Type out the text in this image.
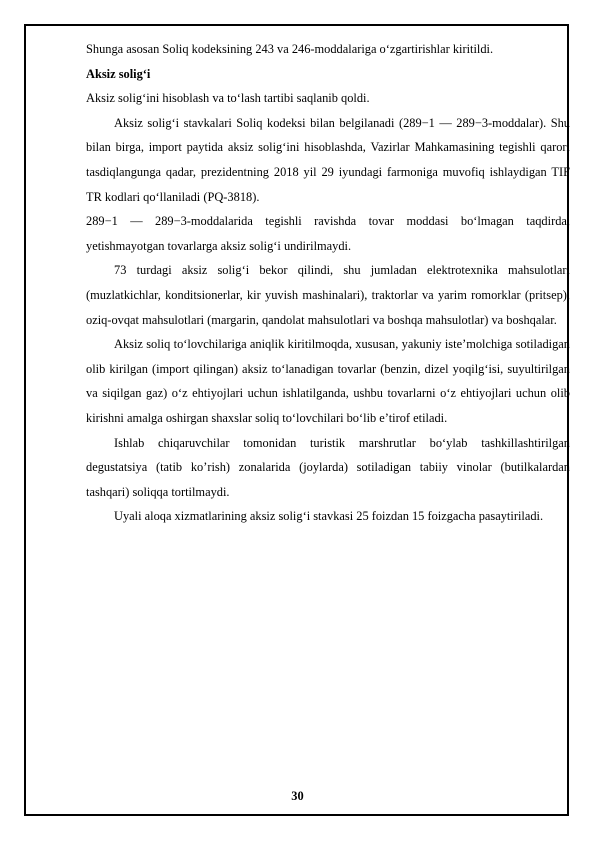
Shunga asosan Soliq kodeksining 243 va 246-moddalariga o‘zgartirishlar kiritildi.

Aksiz solig‘i

Aksiz solig‘ini hisoblash va to‘lash tartibi saqlanib qoldi.

Aksiz solig‘i stavkalari Soliq kodeksi bilan belgilanadi (289−1 — 289−3-moddalar). Shu bilan birga, import paytida aksiz solig‘ini hisoblashda, Vazirlar Mahkamasining tegishli qarori tasdiqlangunga qadar, prezidentning 2018 yil 29 iyundagi farmoniga muvofiq ishlaydigan TIF TR kodlari qo‘llaniladi (PQ-3818).

289−1 — 289−3-moddalarida tegishli ravishda tovar moddasi bo‘lmagan taqdirda, yetishmayotgan tovarlarga aksiz solig‘i undirilmaydi.

73 turdagi aksiz solig‘i bekor qilindi, shu jumladan elektrotexnika mahsulotlari (muzlatkichlar, konditsionerlar, kir yuvish mashinalari), traktorlar va yarim romorklar (pritsep), oziq-ovqat mahsulotlari (margarin, qandolat mahsulotlari va boshqa mahsulotlar) va boshqalar.

Aksiz soliq to‘lovchilariga aniqlik kiritilmoqda, xususan, yakuniy iste’molchiga sotiladigan olib kirilgan (import qilingan) aksiz to‘lanadigan tovarlar (benzin, dizel yoqilg‘isi, suyultirilgan va siqilgan gaz) o‘z ehtiyojlari uchun ishlatilganda, ushbu tovarlarni o‘z ehtiyojlari uchun olib kirishni amalga oshirgan shaxslar soliq to‘lovchilari bo‘lib e’tirof etiladi.

Ishlab chiqaruvchilar tomonidan turistik marshrutlar bo‘ylab tashkillashtirilgan degustatsiya (tatib ko’rish) zonalarida (joylarda) sotiladigan tabiiy vinolar (butilkalardan tashqari) soliqqa tortilmaydi.

Uyali aloqa xizmatlarining aksiz solig‘i stavkasi 25 foizdan 15 foizgacha pasaytiriladi.

30
